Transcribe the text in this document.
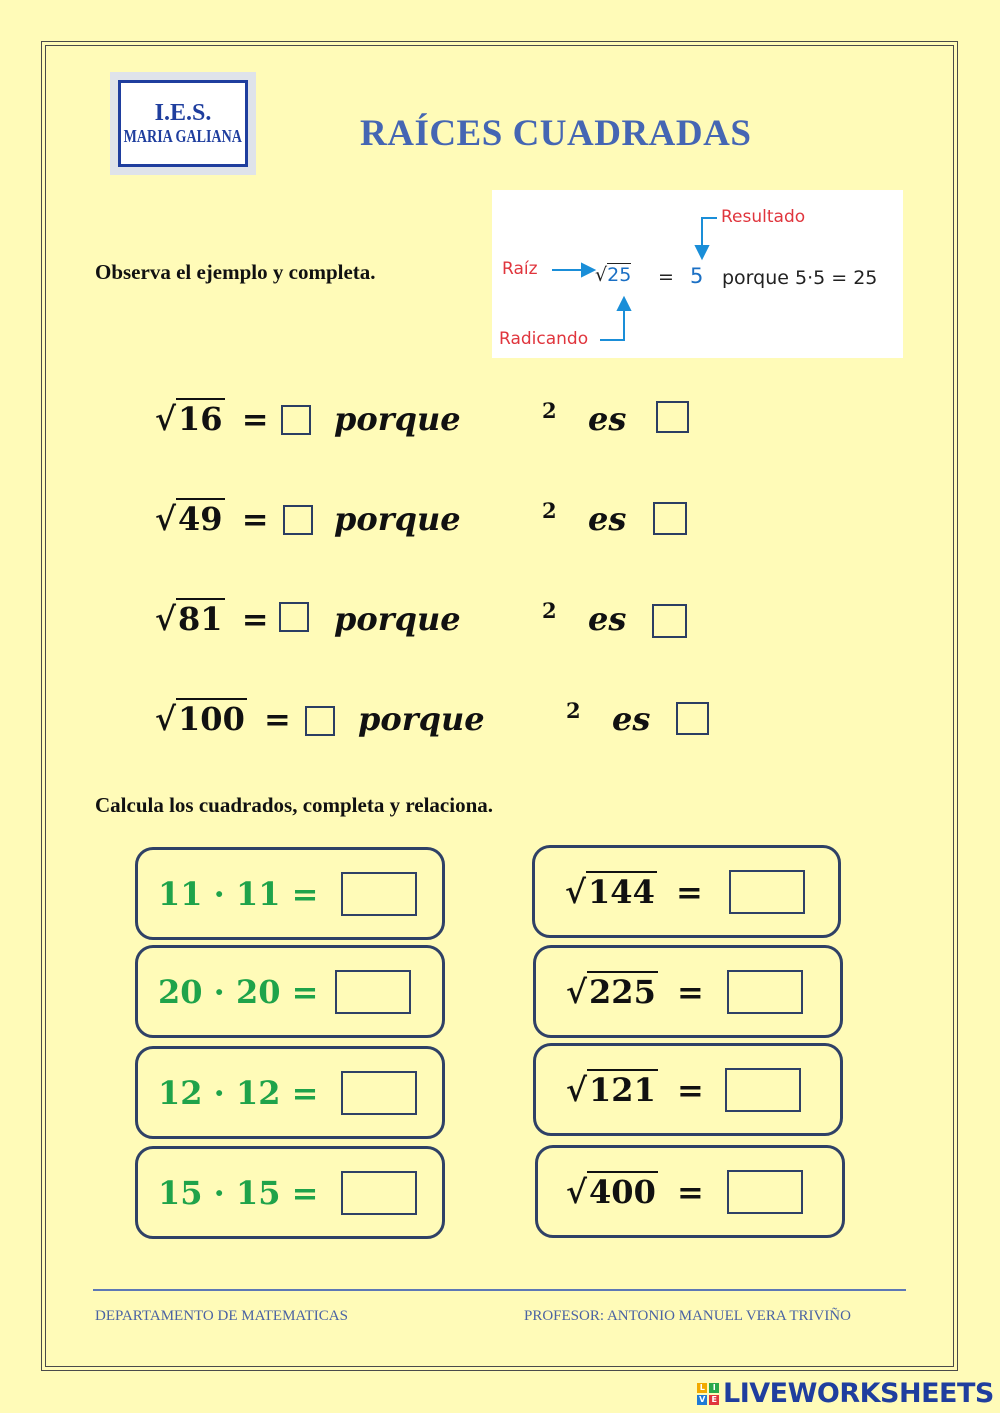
I.E.S.
MARIA GALIANA	RAÍCES CUADRADAS
Observa el ejemplo y completa.
Resultado
Raíz
Radicando
√25 = 5 porque 5·5 = 25
√16 = porque	2 es
√49 = porque	2 es
√81 = porque	2 es
√100 = porque	2 es
Calcula los cuadrados, completa y relaciona.
11 · 11 =
20 · 20 =
12 · 12 =
15 · 15 =
√144 =
√225 =
√121 =
√400 =
DEPARTAMENTO DE MATEMATICAS	PROFESOR: ANTONIO MANUEL VERA TRIVIÑO
L	I
V E LIVEWORKSHEETS
